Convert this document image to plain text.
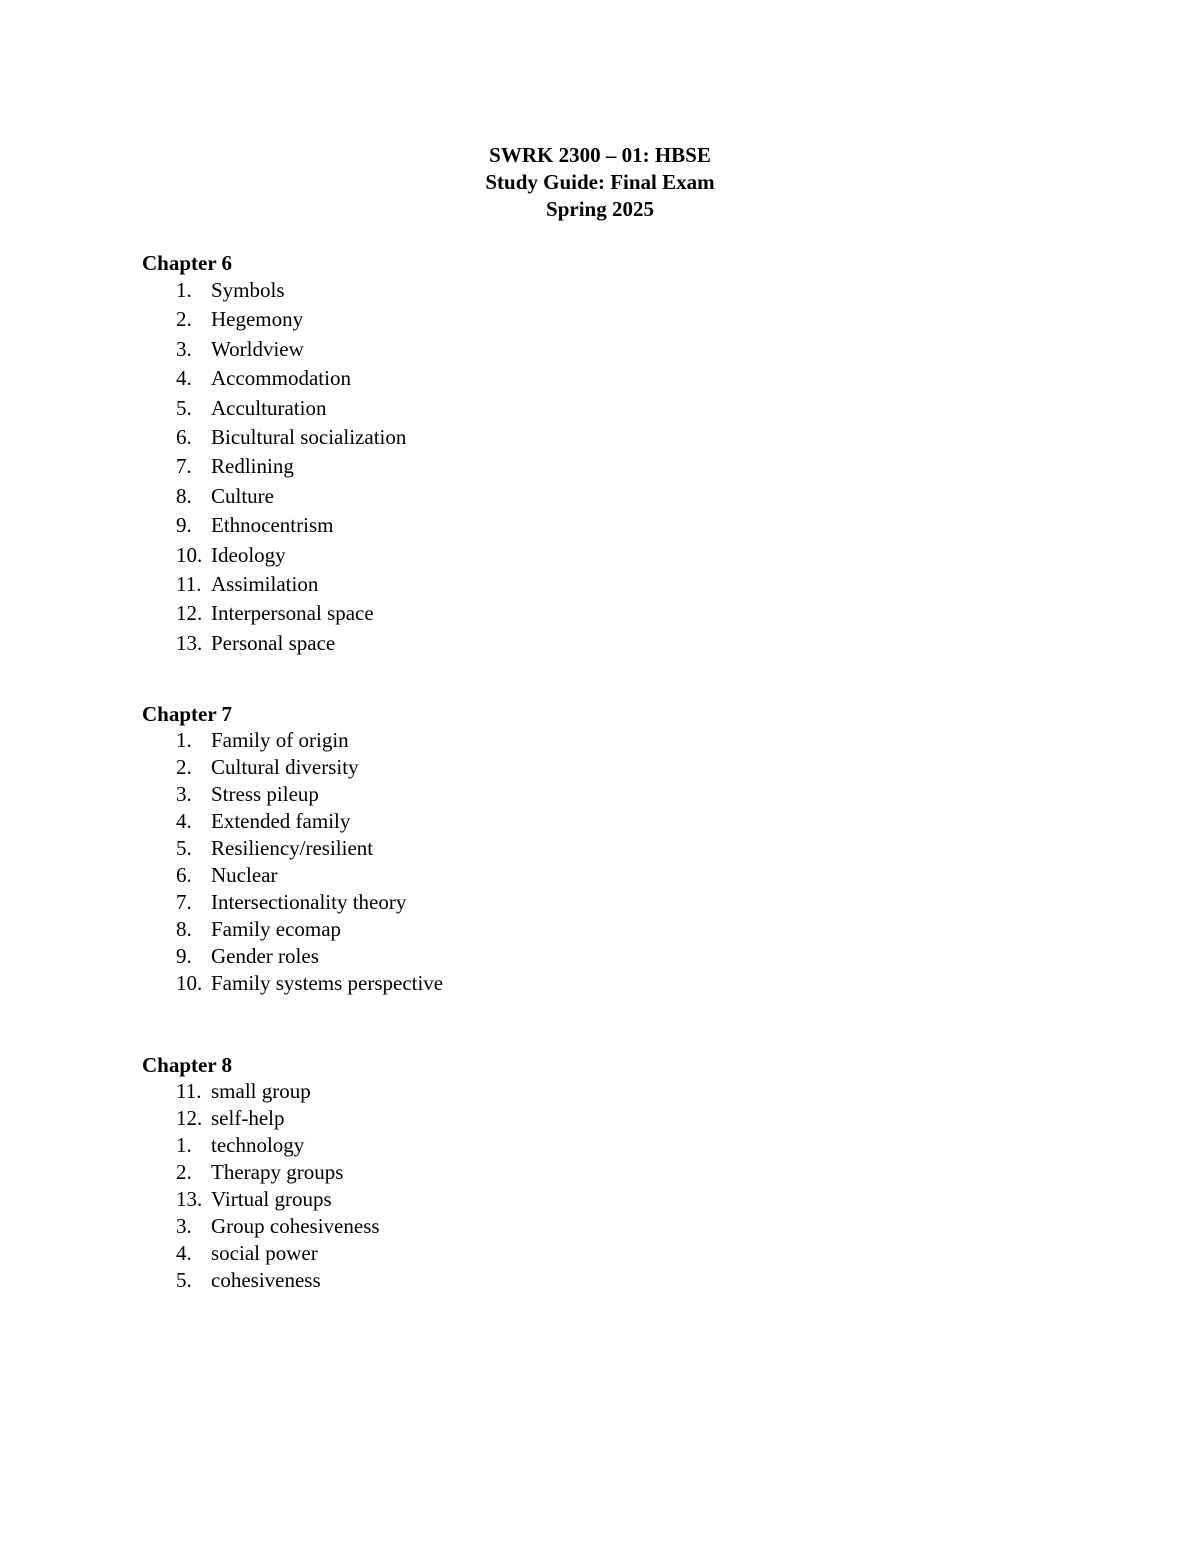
SWRK 2300 – 01: HBSE
Study Guide: Final Exam
Spring 2025
Chapter 6
1. Symbols
2. Hegemony
3. Worldview
4. Accommodation
5. Acculturation
6. Bicultural socialization
7. Redlining
8. Culture
9. Ethnocentrism
10. Ideology
11. Assimilation
12. Interpersonal space
13. Personal space
Chapter 7
1. Family of origin
2. Cultural diversity
3. Stress pileup
4. Extended family
5. Resiliency/resilient
6. Nuclear
7. Intersectionality theory
8. Family ecomap
9. Gender roles
10. Family systems perspective
Chapter 8
11. small group
12. self-help
1. technology
2. Therapy groups
13. Virtual groups
3. Group cohesiveness
4. social power
5. cohesiveness
